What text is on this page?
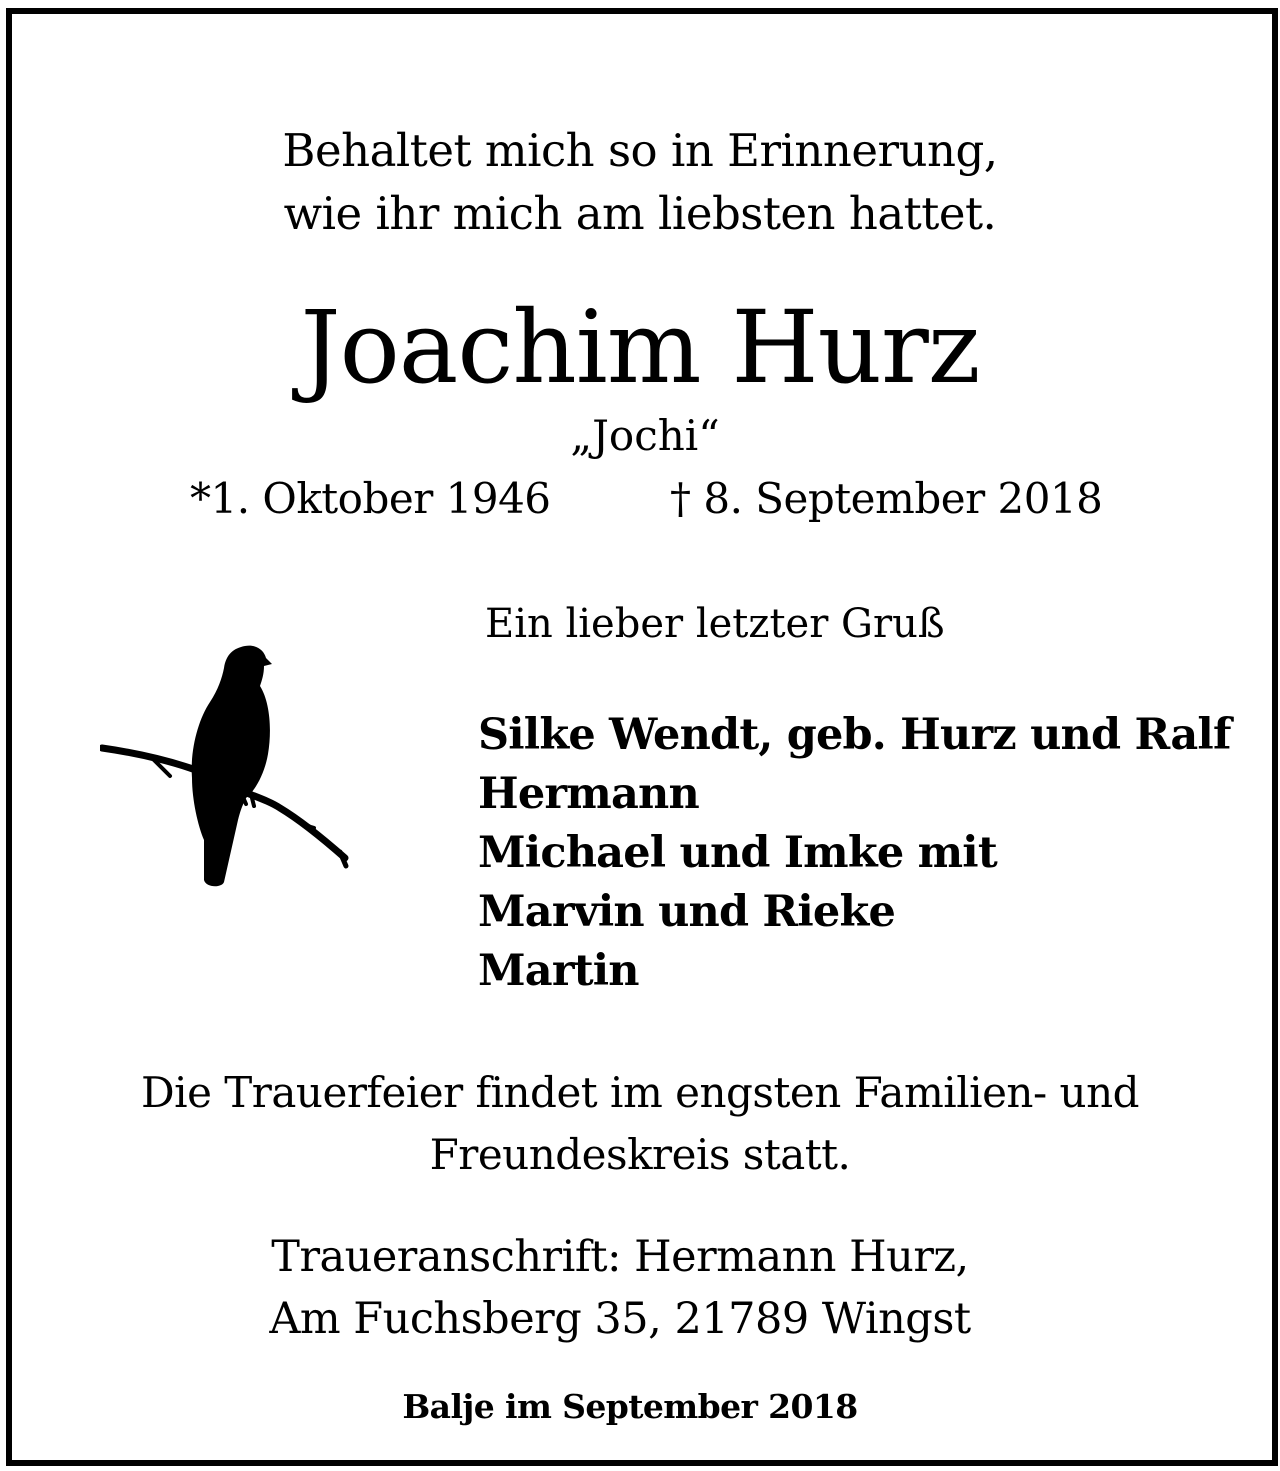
Behaltet mich so in Erinnerung,
wie ihr mich am liebsten hattet.
Joachim Hurz
„Jochi“
*1. Oktober 1946	† 8. September 2018
Ein lieber letzter Gruß
Silke Wendt, geb. Hurz und Ralf
Hermann
Michael und Imke mit
Marvin und Rieke
Martin
Die Trauerfeier findet im engsten Familien- und
Freundeskreis statt.
Traueranschrift: Hermann Hurz,
Am Fuchsberg 35, 21789 Wingst
Balje im September 2018
